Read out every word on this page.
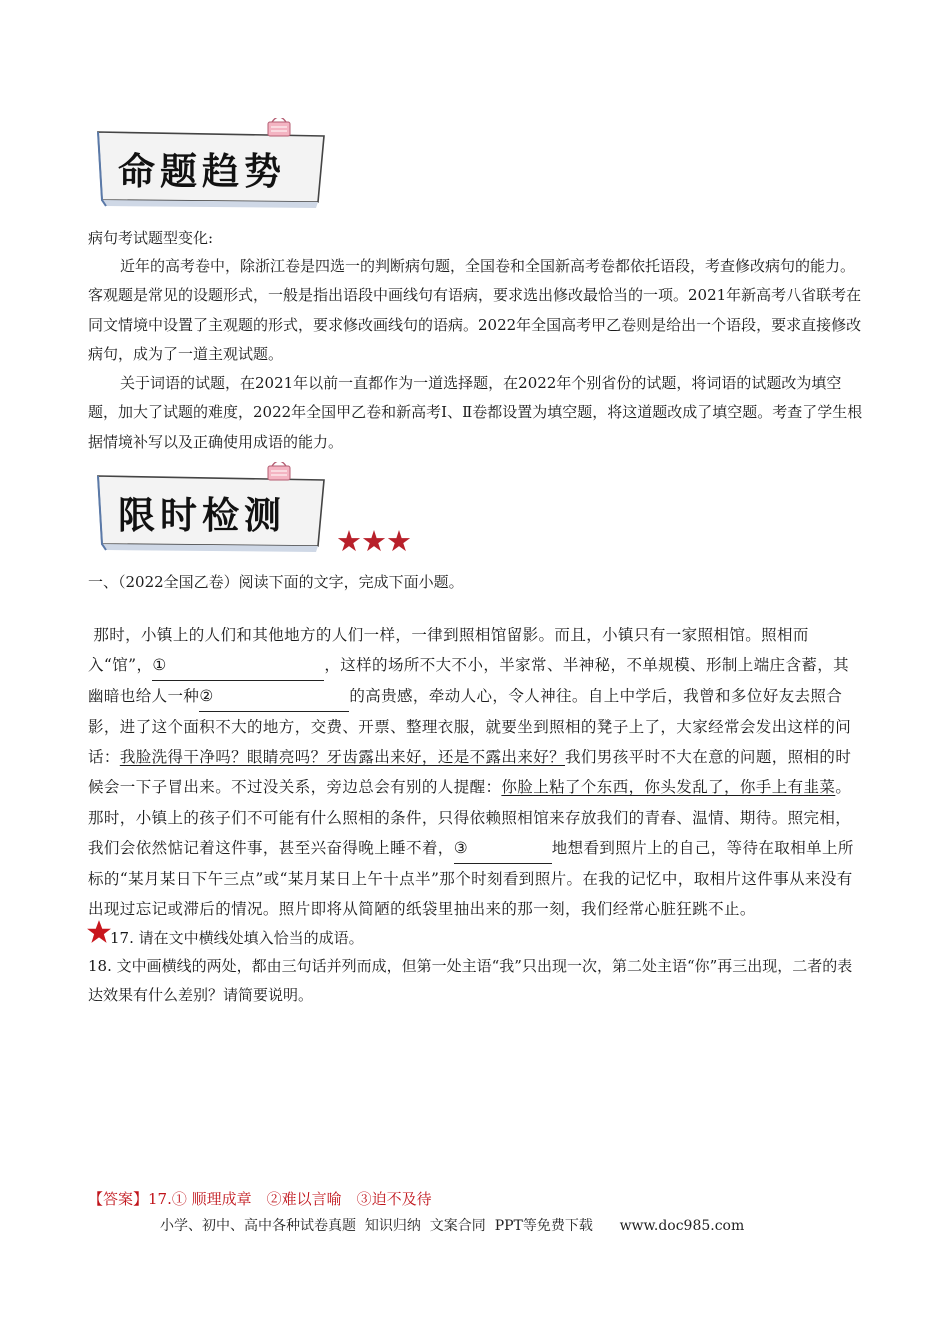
命题趋势

病句考试题型变化:

近年的高考卷中，除浙江卷是四选一的判断病句题，全国卷和全国新高考卷都依托语段，考查修改病句的能力。客观题是常见的设题形式，一般是指出语段中画线句有语病，要求选出修改最恰当的一项。2021年新高考八省联考在同文情境中设置了主观题的形式，要求修改画线句的语病。2022年全国高考甲乙卷则是给出一个语段，要求直接修改病句，成为了一道主观试题。

关于词语的试题，在2021年以前一直都作为一道选择题，在2022年个别省份的试题，将词语的试题改为填空题，加大了试题的难度，2022年全国甲乙卷和新高考Ⅰ、Ⅱ卷都设置为填空题，将这道题改成了填空题。考查了学生根据情境补写以及正确使用成语的能力。

限时检测
★★★

一、（2022全国乙卷）阅读下面的文字，完成下面小题。

那时，小镇上的人们和其他地方的人们一样，一律到照相馆留影。而且，小镇只有一家照相馆。照相而入“馆”，①	，这样的场所不大不小，半家常、半神秘，不单规模、形制上端庄含蓄，其幽暗也给人一种②	的高贵感，牵动人心，令人神往。自上中学后，我曾和多位好友去照合影，进了这个面积不大的地方，交费、开票、整理衣服，就要坐到照相的凳子上了，大家经常会发出这样的问话：我脸洗得干净吗？眼睛亮吗？牙齿露出来好，还是不露出来好？我们男孩平时不大在意的问题，照相的时候会一下子冒出来。不过没关系，旁边总会有别的人提醒：你脸上粘了个东西，你头发乱了，你手上有韭菜。那时，小镇上的孩子们不可能有什么照相的条件，只得依赖照相馆来存放我们的青春、温情、期待。照完相，我们会依然惦记着这件事，甚至兴奋得晚上睡不着，③	地想看到照片上的自己，等待在取相单上所标的“某月某日下午三点”或“某月某日上午十点半”那个时刻看到照片。在我的记忆中，取相片这件事从来没有出现过忘记或滞后的情况。照片即将从简陋的纸袋里抽出来的那一刻，我们经常心脏狂跳不止。

17. 请在文中横线处填入恰当的成语。

18. 文中画横线的两处，都由三句话并列而成，但第一处主语“我”只出现一次，第二处主语“你”再三出现，二者的表达效果有什么差别？请简要说明。

【答案】17.① 顺理成章　②难以言喻　③迫不及待
小学、初中、高中各种试卷真题  知识归纳  文案合同  PPT等免费下载      www.doc985.com
